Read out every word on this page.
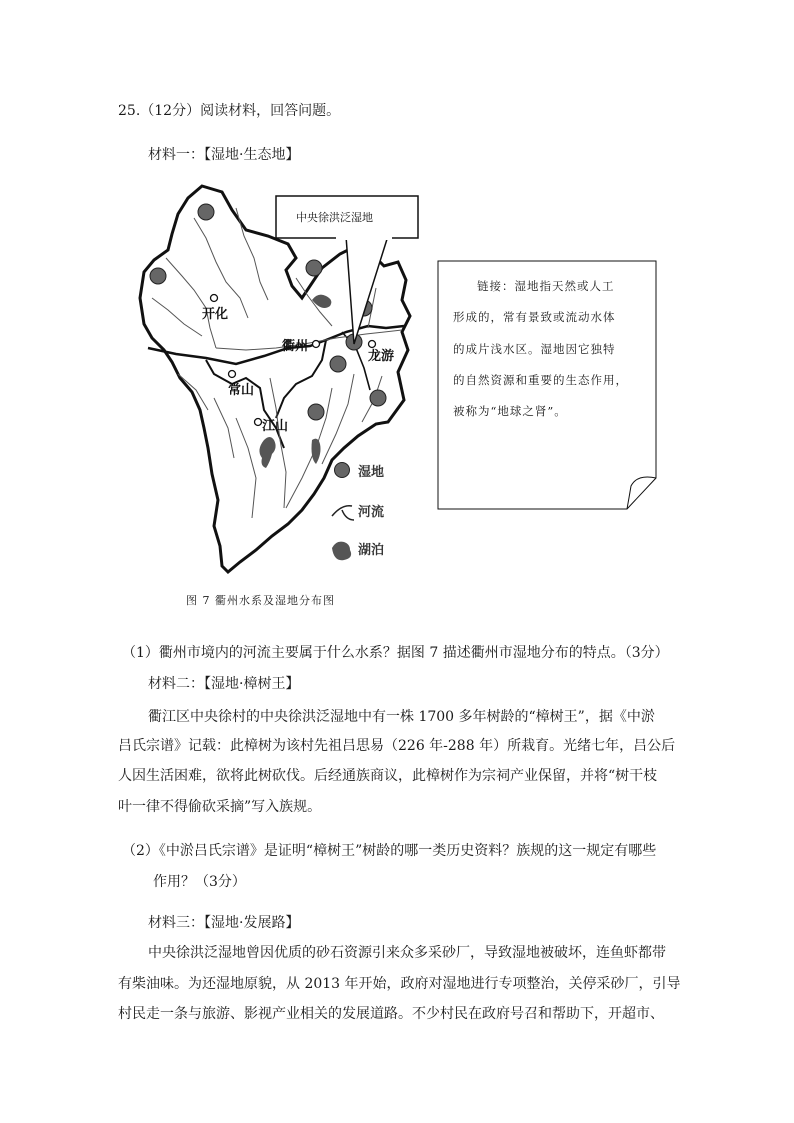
25.（12分）阅读材料，回答问题。
材料一：【湿地·生态地】
开化
衢州
龙游
常山
江山
中央徐洪泛湿地
湿地
河流
湖泊
图 7 衢州水系及湿地分布图
链接：湿地指天然或人工
形成的，常有景致或流动水体
的成片浅水区。湿地因它独特
的自然资源和重要的生态作用，
被称为“地球之肾”。
（1）衢州市境内的河流主要属于什么水系？据图 7 描述衢州市湿地分布的特点。（3分）
材料二：【湿地·樟树王】
衢江区中央徐村的中央徐洪泛湿地中有一株 1700 多年树龄的“樟树王”，据《中淤
吕氏宗谱》记载：此樟树为该村先祖吕思易（226 年-288 年）所栽育。光绪七年，吕公后
人因生活困难，欲将此树砍伐。后经通族商议，此樟树作为宗祠产业保留，并将“树干枝
叶一律不得偷砍采摘”写入族规。
（2）《中淤吕氏宗谱》是证明“樟树王”树龄的哪一类历史资料？族规的这一规定有哪些
作用？（3分）
材料三：【湿地·发展路】
中央徐洪泛湿地曾因优质的砂石资源引来众多采砂厂，导致湿地被破坏，连鱼虾都带
有柴油味。为还湿地原貌，从 2013 年开始，政府对湿地进行专项整治，关停采砂厂，引导
村民走一条与旅游、影视产业相关的发展道路。不少村民在政府号召和帮助下，开超市、
